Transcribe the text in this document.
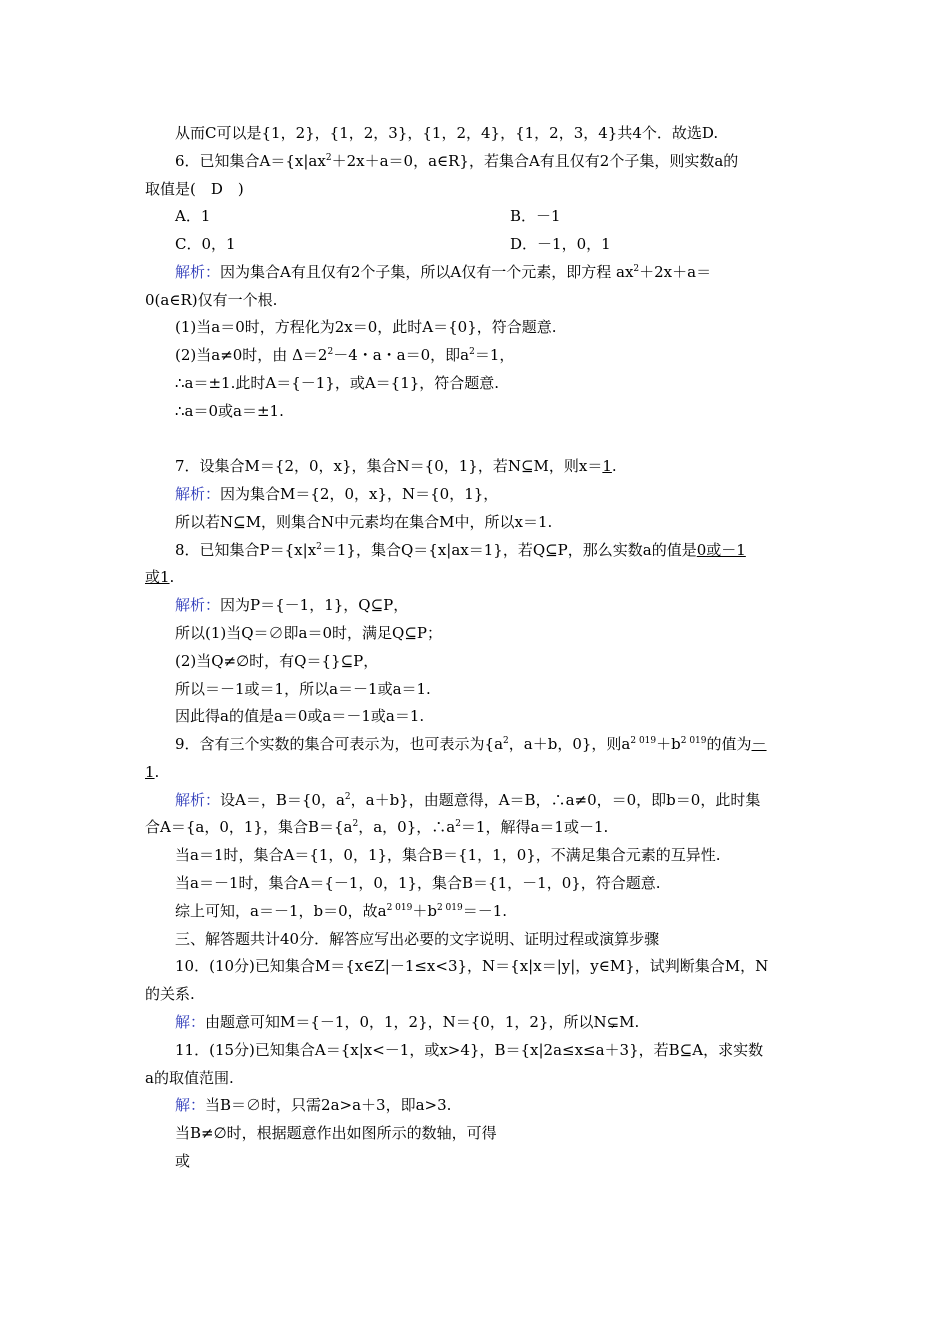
从而C可以是{1，2}，{1，2，3}，{1，2，4}，{1，2，3，4}共4个．故选D.
6．已知集合$A=\{x|ax^2+2x+a=0$，a∈R}，若集合A有且仅有2个子集，则实数a的
取值是(　D　)
A．1	B．－1
C．0，1	D．－1，0，1
解析：因为集合A有且仅有2个子集，所以A仅有一个元素，即方程 $ax^2+2x+a=$
0(a∈R)仅有一个根.
(1)当a＝0时，方程化为2x＝0，此时A＝{0}，符合题意.
(2)当a≠0时，由 $\Delta=2^2-4$・a・a＝0，即$a^2=1$，
∴a＝±1.此时A＝{－1}，或A＝{1}，符合题意.
∴a＝0或a＝±1.
7．设集合M＝{2，0，x}，集合N＝{0，1}，若N⊆M，则x＝1.
解析：因为集合M＝{2，0，x}，N＝{0，1}，
所以若N⊆M，则集合N中元素均在集合M中，所以x＝1.
8．已知集合$P=\{x|x^2=1\}$，集合Q＝{x|ax＝1}，若Q⊆P，那么实数a的值是0或－1
或1.
解析：因为P＝{－1，1}，Q⊆P，
所以(1)当Q＝∅即a＝0时，满足Q⊆P；
(2)当Q≠∅时，有Q＝{}⊆P，
所以＝－1或＝1，所以a＝－1或a＝1.
因此得a的值是a＝0或a＝－1或a＝1.
9．含有三个实数的集合可表示为，也可表示为{$a^2$，a＋b，0}，则$a^{2 019}+b^{2 019}$的值为－
1.
解析：设A＝，B＝{0，$a^2$，a＋b}，由题意得，A＝B，∴a≠0，＝0，即b＝0，此时集
合A＝{a，0，1}，集合$B=\{a^2$，a，0}，$\therefore a^2=1$，解得a＝1或－1.
当a＝1时，集合A＝{1，0，1}，集合B＝{1，1，0}，不满足集合元素的互异性.
当a＝－1时，集合A＝{－1，0，1}，集合B＝{1，－1，0}，符合题意.
综上可知，a＝－1，b＝0，故$a^{2 019}+b^{2 019}=-1$.
三、解答题共计40分．解答应写出必要的文字说明、证明过程或演算步骤
10．(10分)已知集合M＝{x∈Z|－1≤x<3}，N＝{x|x＝|y|，y∈M}，试判断集合M，N
的关系.
解：由题意可知M＝{－1，0，1，2}，N＝{0，1，2}，所以N⊊M.
11．(15分)已知集合A＝{x|x<－1，或x>4}，B＝{x|2a≤x≤a＋3}，若B⊆A，求实数
a的取值范围.
解：当B＝∅时，只需2a>a＋3，即a>3.
当B≠∅时，根据题意作出如图所示的数轴，可得
或
